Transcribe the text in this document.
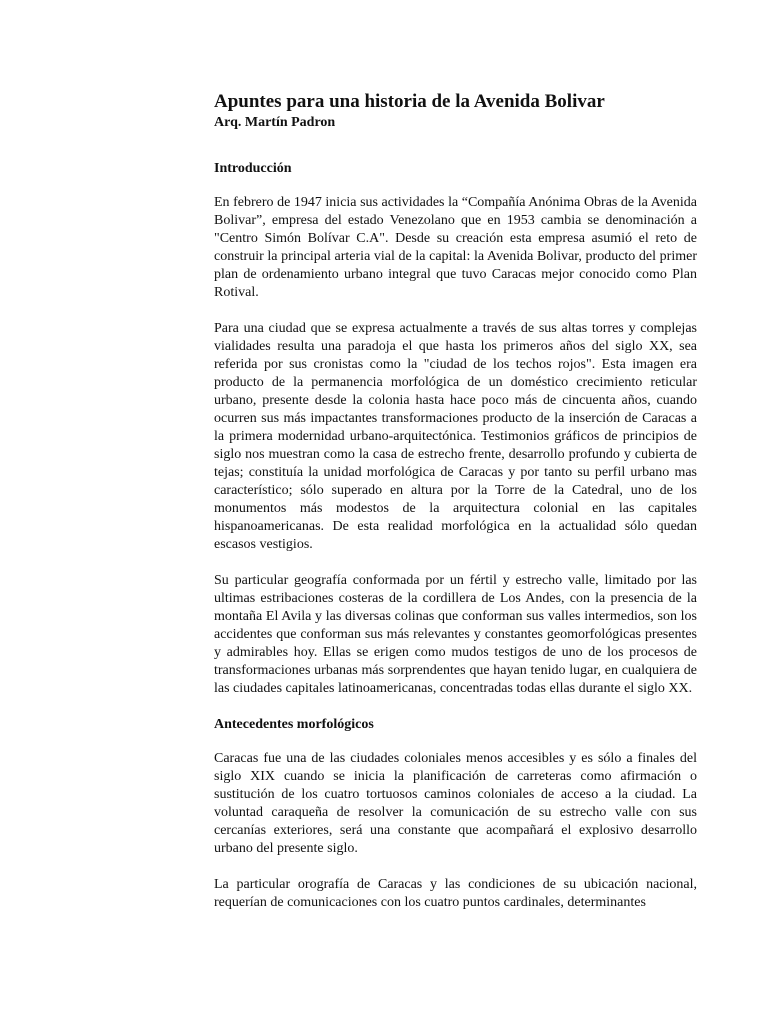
Apuntes para una historia de la Avenida Bolivar
Arq. Martín Padron
Introducción

En febrero de 1947 inicia sus actividades la “Compañía Anónima Obras de la Avenida Bolivar”, empresa del estado Venezolano que en 1953 cambia se denominación a "Centro Simón Bolívar C.A". Desde su creación esta empresa asumió el reto de construir la principal arteria vial de la capital: la Avenida Bolivar, producto del primer plan de ordenamiento urbano integral que tuvo Caracas mejor conocido como Plan Rotival.

Para una ciudad que se expresa actualmente a través de sus altas torres y complejas vialidades resulta una paradoja el que hasta los primeros años del siglo XX, sea referida por sus cronistas como la "ciudad de los techos rojos". Esta imagen era producto de la permanencia morfológica de un doméstico crecimiento reticular urbano, presente desde la colonia hasta hace poco más de cincuenta años, cuando ocurren sus más impactantes transformaciones producto de la inserción de Caracas a la primera modernidad urbano-arquitectónica. Testimonios gráficos de principios de siglo nos muestran como la casa de estrecho frente, desarrollo profundo y cubierta de tejas; constituía la unidad morfológica de Caracas y por tanto su perfil urbano mas característico; sólo superado en altura por la Torre de la Catedral, uno de los monumentos más modestos de la arquitectura colonial en las capitales hispanoamericanas. De esta realidad morfológica en la actualidad sólo quedan escasos vestigios.

Su particular geografía conformada por un fértil y estrecho valle, limitado por las ultimas estribaciones costeras de la cordillera de Los Andes, con la presencia de la montaña El Avila y las diversas colinas que conforman sus valles intermedios, son los accidentes que conforman sus más relevantes y constantes geomorfológicas presentes y admirables hoy. Ellas se erigen como mudos testigos de uno de los procesos de transformaciones urbanas más sorprendentes que hayan tenido lugar, en cualquiera de las ciudades capitales latinoamericanas, concentradas todas ellas durante el siglo XX.

Antecedentes morfológicos

Caracas fue una de las ciudades coloniales menos accesibles y es sólo a finales del siglo XIX cuando se inicia la planificación de carreteras como afirmación o sustitución de los cuatro tortuosos caminos coloniales de acceso a la ciudad. La voluntad caraqueña de resolver la comunicación de su estrecho valle con sus cercanías exteriores, será una constante que acompañará el explosivo desarrollo urbano del presente siglo.

La particular orografía de Caracas y las condiciones de su ubicación nacional, requerían de comunicaciones con los cuatro puntos cardinales, determinantes
